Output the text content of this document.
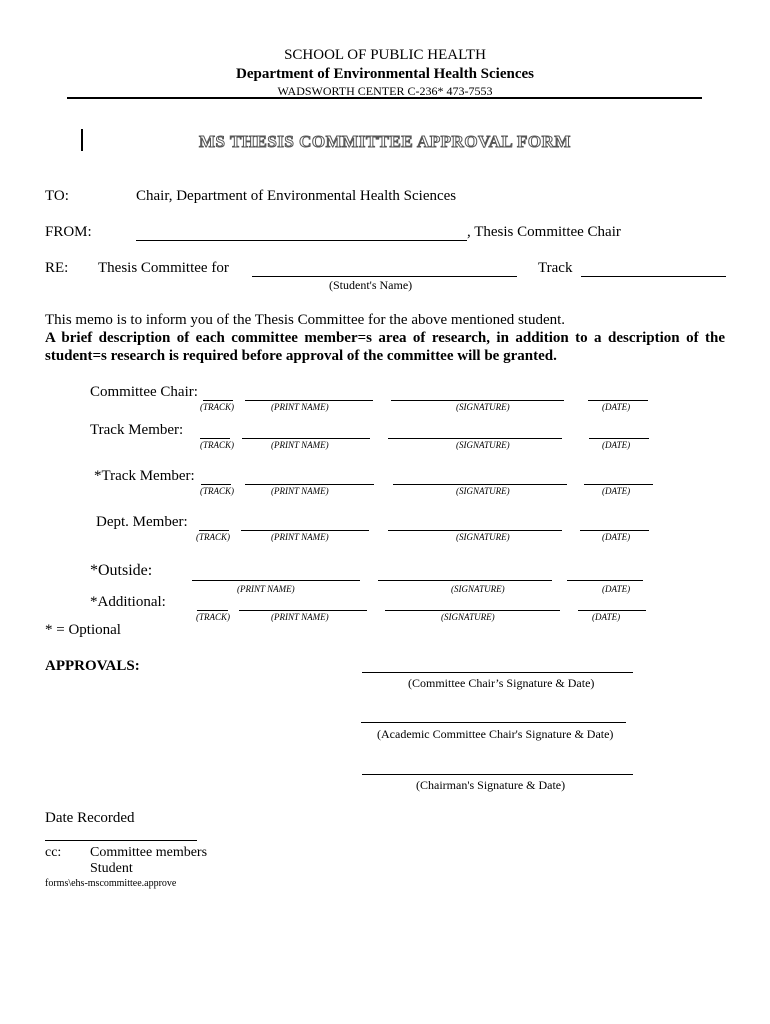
SCHOOL OF PUBLIC HEALTH
Department of Environmental Health Sciences
WADSWORTH CENTER C-236* 473-7553
MS THESIS COMMITTEE APPROVAL FORM
TO:	Chair, Department of Environmental Health Sciences
FROM:	, Thesis Committee Chair
RE: Thesis Committee for	Track
(Student's Name)
This memo is to inform you of the Thesis Committee for the above mentioned student.
A brief description of each committee member=s area of research, in addition to a description of the
student=s research is required before approval of the committee will be granted.
Committee Chair:
(TRACK)	(PRINT NAME)	(SIGNATURE)	(DATE)
Track Member:
(TRACK)	(PRINT NAME)	(SIGNATURE)	(DATE)
*Track Member:
(TRACK)	(PRINT NAME)	(SIGNATURE)	(DATE)
Dept. Member:
(TRACK)	(PRINT NAME)	(SIGNATURE)	(DATE)
*Outside:
(PRINT NAME)	(SIGNATURE)	(DATE)
*Additional:
(TRACK)	(PRINT NAME)	(SIGNATURE)	(DATE)
* = Optional
APPROVALS:
(Committee Chair’s Signature & Date)
(Academic Committee Chair's Signature & Date)
(Chairman's Signature & Date)
Date Recorded
cc: Committee members
Student
forms\ehs-mscommittee.approve
